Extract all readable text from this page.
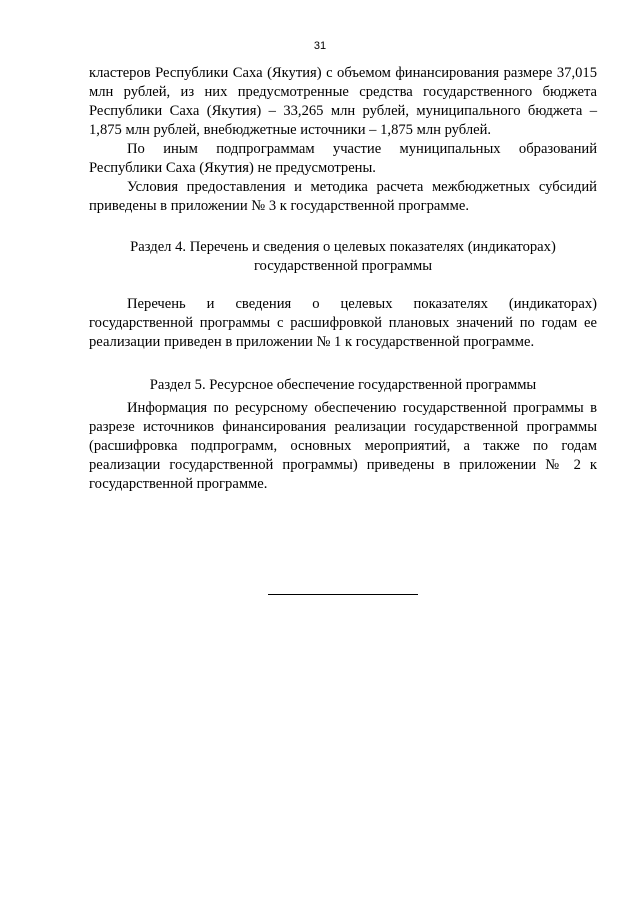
31

кластеров Республики Саха (Якутия) с объемом финансирования размере 37,015 млн рублей, из них предусмотренные средства государственного бюджета Республики Саха (Якутия) – 33,265 млн рублей, муниципального бюджета – 1,875 млн рублей, внебюджетные источники – 1,875 млн рублей.

По иным подпрограммам участие муниципальных образований Республики Саха (Якутия) не предусмотрены.

Условия предоставления и методика расчета межбюджетных субсидий приведены в приложении № 3 к государственной программе.

Раздел 4. Перечень и сведения о целевых показателях (индикаторах)
государственной программы

Перечень и сведения о целевых показателях (индикаторах) государственной программы с расшифровкой плановых значений по годам ее реализации приведен в приложении № 1 к государственной программе.

Раздел 5. Ресурсное обеспечение государственной программы

Информация по ресурсному обеспечению государственной программы в разрезе источников финансирования реализации государственной программы (расшифровка подпрограмм, основных мероприятий, а также по годам реализации государственной программы) приведены в приложении № 2 к государственной программе.
